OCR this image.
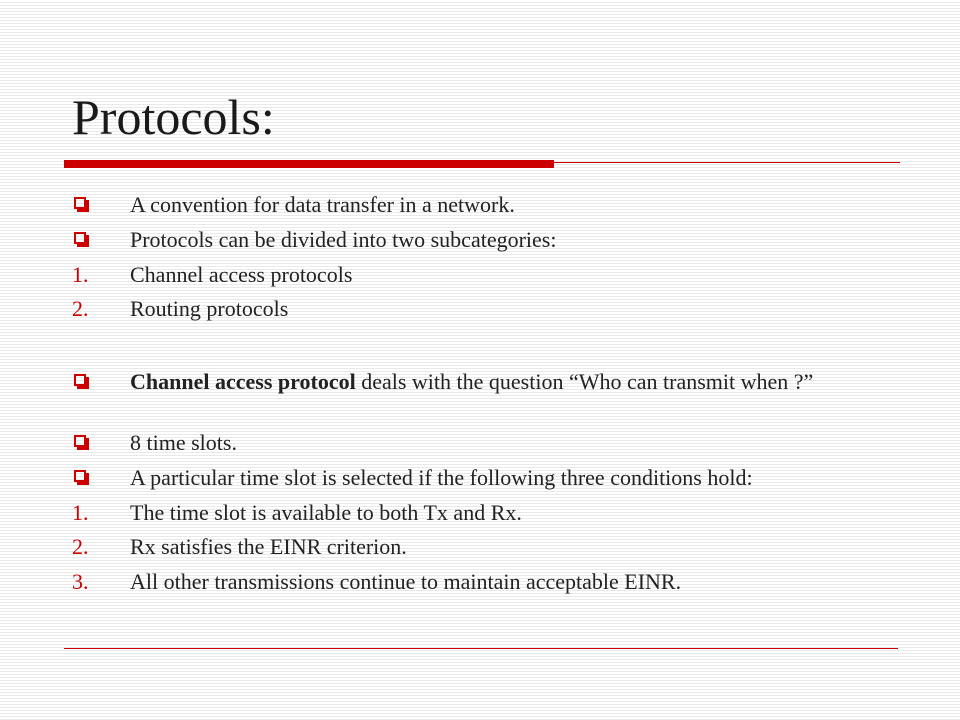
Protocols:
A convention for data transfer in a network.
Protocols can be divided into two subcategories:
1. Channel access protocols
2. Routing protocols
Channel access protocol deals with the question “Who can transmit when ?”
8 time slots.
A particular time slot is selected if the following three conditions hold:
1. The time slot is available to both Tx and Rx.
2. Rx satisfies the EINR criterion.
3. All other transmissions continue to maintain acceptable EINR.
